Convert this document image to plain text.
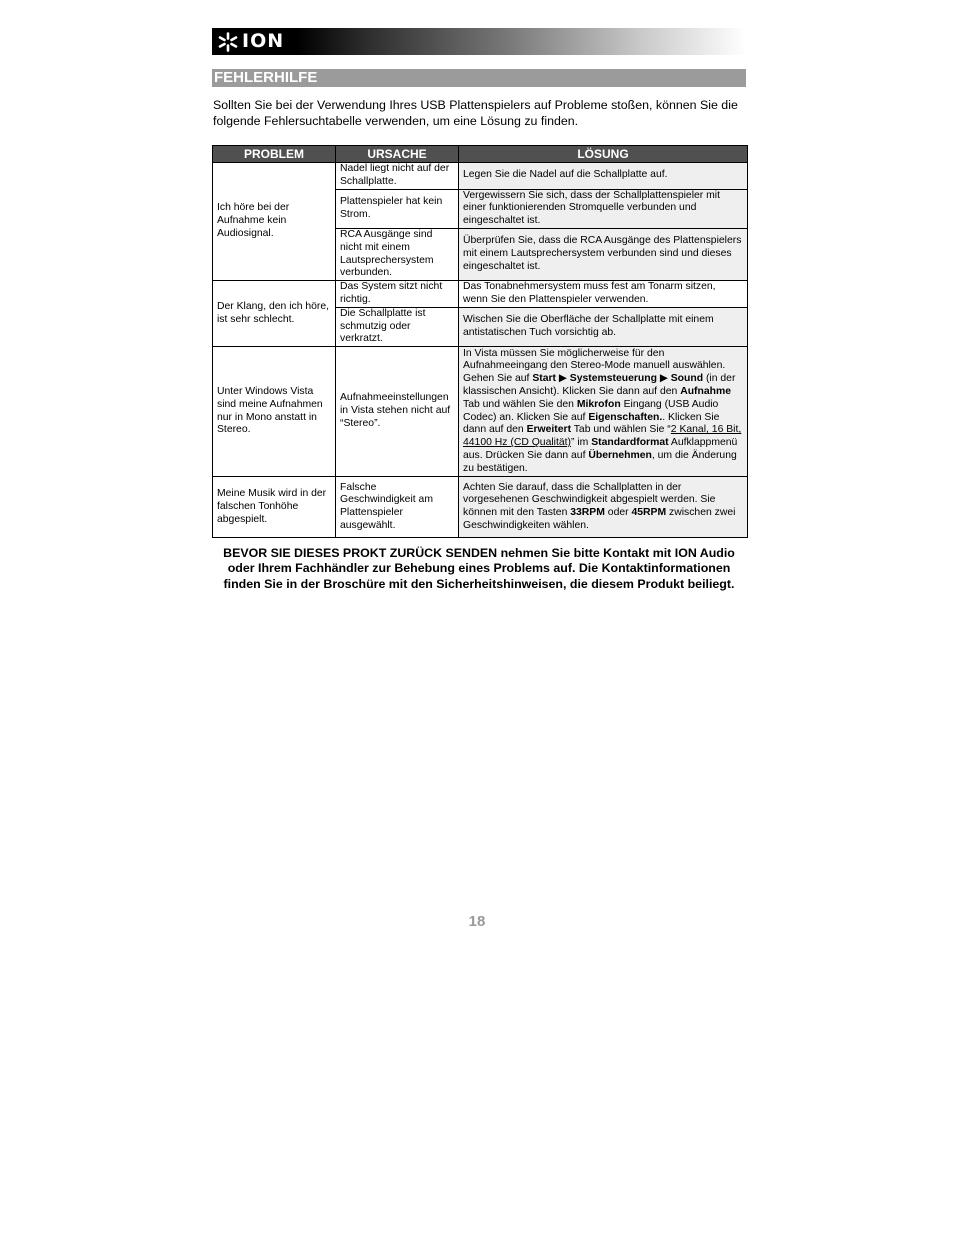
ION
FEHLERHILFE

Sollten Sie bei der Verwendung Ihres USB Plattenspielers auf Probleme stoßen, können Sie die folgende Fehlersuchtabelle verwenden, um eine Lösung zu finden.

PROBLEM	URSACHE	LÖSUNG
Ich höre bei der Aufnahme kein Audiosignal.	Nadel liegt nicht auf der Schallplatte.	Legen Sie die Nadel auf die Schallplatte auf.
	Plattenspieler hat kein Strom.	Vergewissern Sie sich, dass der Schallplattenspieler mit einer funktionierenden Stromquelle verbunden und eingeschaltet ist.
	RCA Ausgänge sind nicht mit einem Lautsprechersystem verbunden.	Überprüfen Sie, dass die RCA Ausgänge des Plattenspielers mit einem Lautsprechersystem verbunden sind und dieses eingeschaltet ist.
Der Klang, den ich höre, ist sehr schlecht.	Das System sitzt nicht richtig.	Das Tonabnehmersystem muss fest am Tonarm sitzen, wenn Sie den Plattenspieler verwenden.
	Die Schallplatte ist schmutzig oder verkratzt.	Wischen Sie die Oberfläche der Schallplatte mit einem antistatischen Tuch vorsichtig ab.
Unter Windows Vista sind meine Aufnahmen nur in Mono anstatt in Stereo.	Aufnahmeeinstellungen in Vista stehen nicht auf “Stereo”.	In Vista müssen Sie möglicherweise für den Aufnahmeeingang den Stereo-Mode manuell auswählen. Gehen Sie auf Start ▶ Systemsteuerung ▶ Sound (in der klassischen Ansicht). Klicken Sie dann auf den Aufnahme Tab und wählen Sie den Mikrofon Eingang (USB Audio Codec) an. Klicken Sie auf Eigenschaften.. Klicken Sie dann auf den Erweitert Tab und wählen Sie “2 Kanal, 16 Bit, 44100 Hz (CD Qualität)” im Standardformat Aufklappmenü aus. Drücken Sie dann auf Übernehmen, um die Änderung zu bestätigen.
Meine Musik wird in der falschen Tonhöhe abgespielt.	Falsche Geschwindigkeit am Plattenspieler ausgewählt.	Achten Sie darauf, dass die Schallplatten in der vorgesehenen Geschwindigkeit abgespielt werden. Sie können mit den Tasten 33RPM oder 45RPM zwischen zwei Geschwindigkeiten wählen.

BEVOR SIE DIESES PROKT ZURÜCK SENDEN nehmen Sie bitte Kontakt mit ION Audio oder Ihrem Fachhändler zur Behebung eines Problems auf. Die Kontaktinformationen finden Sie in der Broschüre mit den Sicherheitshinweisen, die diesem Produkt beiliegt.

18
